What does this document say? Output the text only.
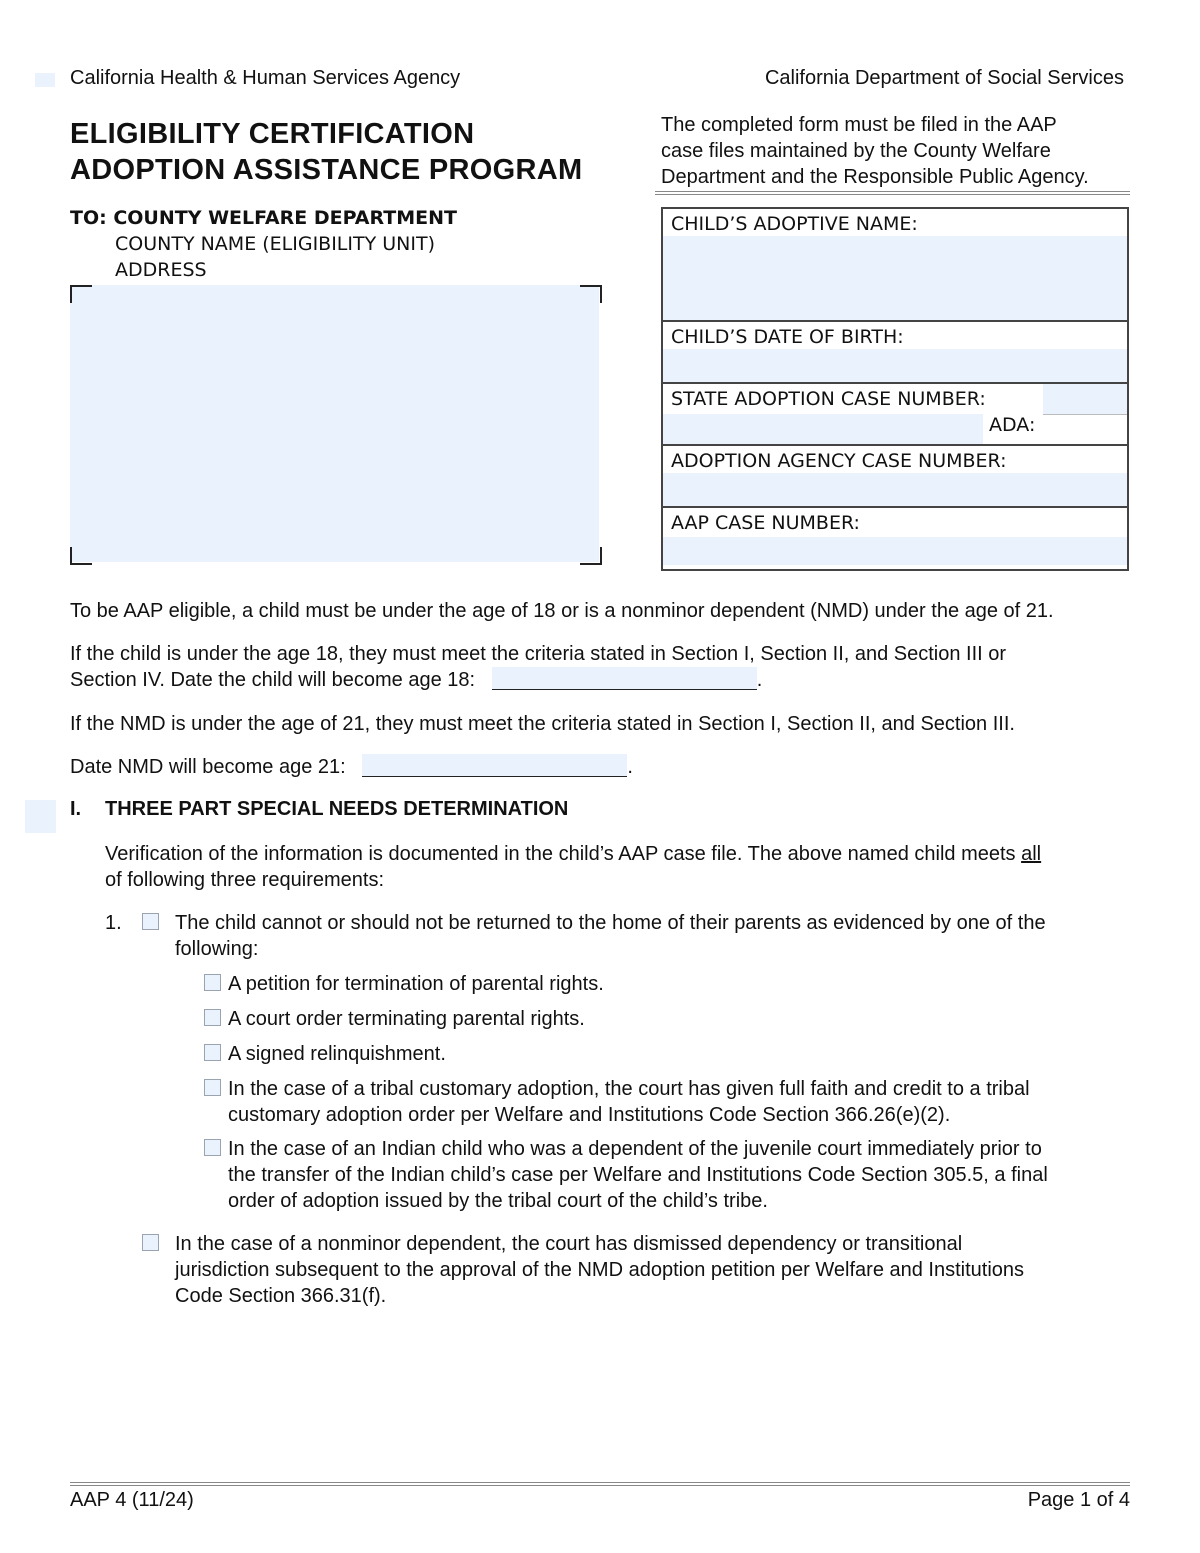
California Health & Human Services Agency	California Department of Social Services
ELIGIBILITY CERTIFICATION
ADOPTION ASSISTANCE PROGRAM
The completed form must be filed in the AAP
case files maintained by the County Welfare
Department and the Responsible Public Agency.
TO: COUNTY WELFARE DEPARTMENT
COUNTY NAME (ELIGIBILITY UNIT)
ADDRESS
CHILD’S ADOPTIVE NAME:
CHILD’S DATE OF BIRTH:
STATE ADOPTION CASE NUMBER:
ADA:
ADOPTION AGENCY CASE NUMBER:
AAP CASE NUMBER:
To be AAP eligible, a child must be under the age of 18 or is a nonminor dependent (NMD) under the age of 21.
If the child is under the age 18, they must meet the criteria stated in Section I, Section II, and Section III or
Section IV. Date the child will become age 18:	.
If the NMD is under the age of 21, they must meet the criteria stated in Section I, Section II, and Section III.
Date NMD will become age 21:	.
I. THREE PART SPECIAL NEEDS DETERMINATION
Verification of the information is documented in the child’s AAP case file. The above named child meets all
of following three requirements:
1.	The child cannot or should not be returned to the home of their parents as evidenced by one of the
following:
A petition for termination of parental rights.
A court order terminating parental rights.
A signed relinquishment.
In the case of a tribal customary adoption, the court has given full faith and credit to a tribal
customary adoption order per Welfare and Institutions Code Section 366.26(e)(2).
In the case of an Indian child who was a dependent of the juvenile court immediately prior to
the transfer of the Indian child’s case per Welfare and Institutions Code Section 305.5, a final
order of adoption issued by the tribal court of the child’s tribe.
In the case of a nonminor dependent, the court has dismissed dependency or transitional
jurisdiction subsequent to the approval of the NMD adoption petition per Welfare and Institutions
Code Section 366.31(f).
AAP 4 (11/24)	Page 1 of 4
